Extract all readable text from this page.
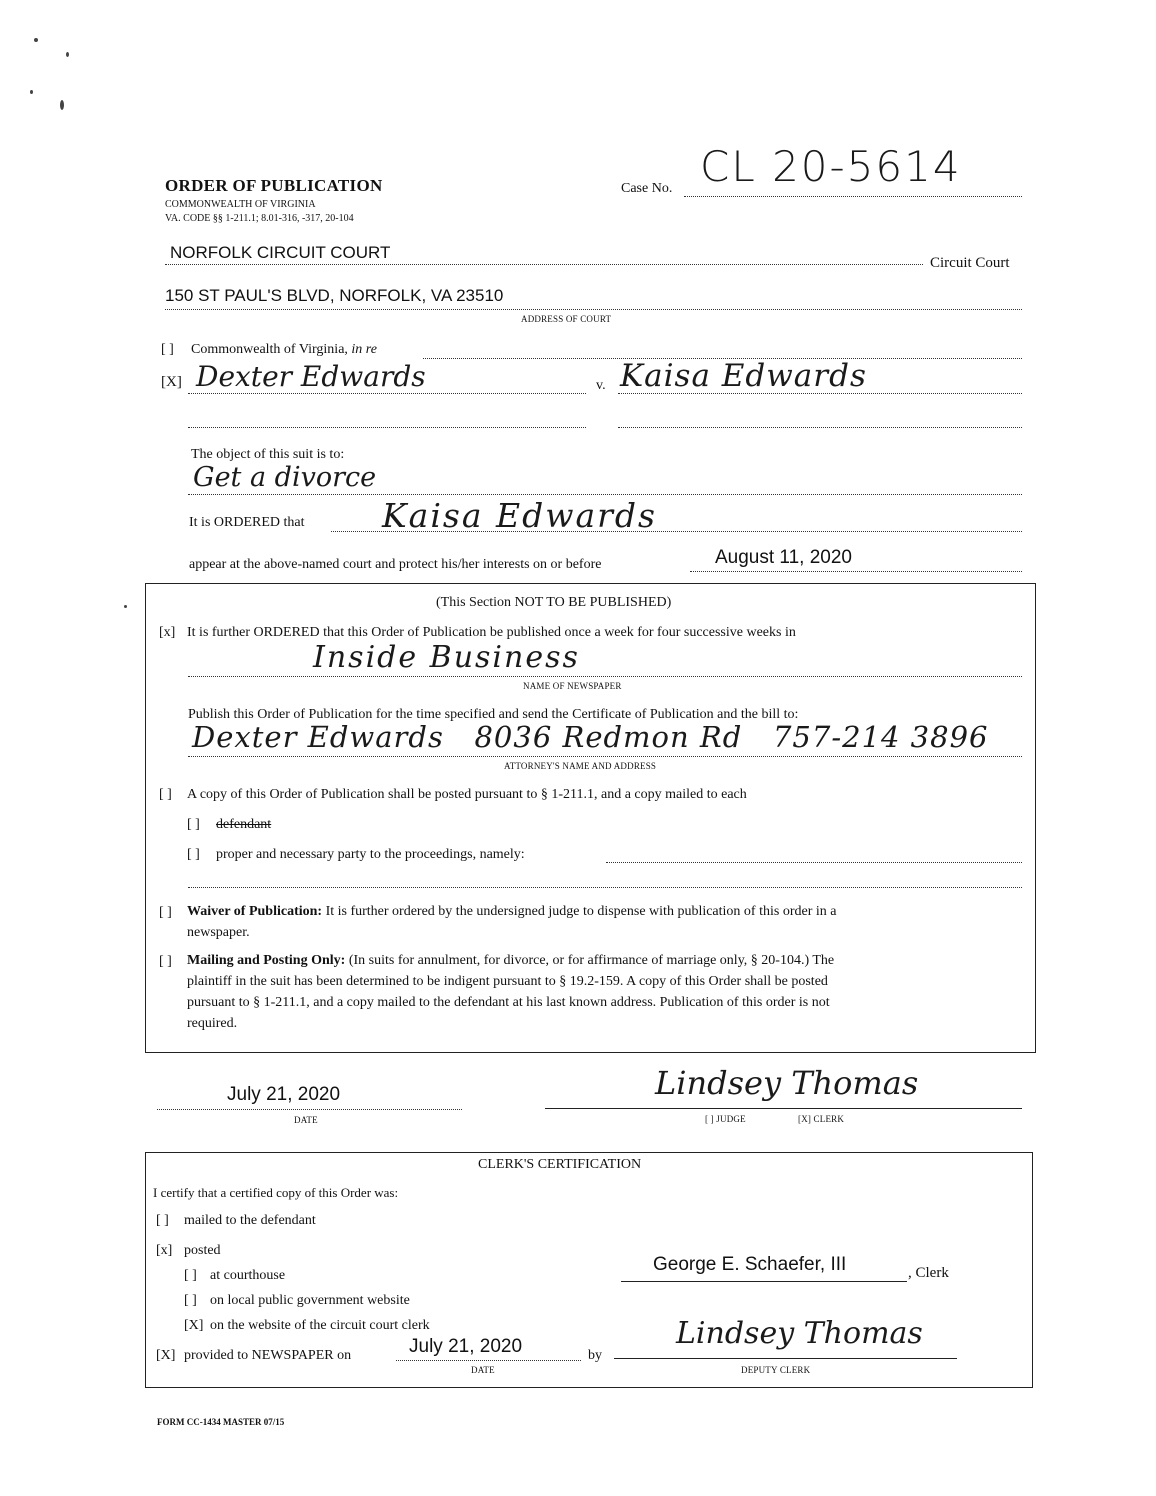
ORDER OF PUBLICATION
COMMONWEALTH OF VIRGINIA
VA. CODE §§ 1-211.1; 8.01-316, -317, 20-104
Case No. CL 20-5614
NORFOLK CIRCUIT COURT
Circuit Court
150 ST PAUL'S BLVD, NORFOLK, VA 23510
ADDRESS OF COURT
[ ] Commonwealth of Virginia, in re
[X] Dexter Edwards	v. Kaisa Edwards
The object of this suit is to:
Get a divorce
It is ORDERED that Kaisa Edwards
appear at the above-named court and protect his/her interests on or before	August 11, 2020
(This Section NOT TO BE PUBLISHED)
[x] It is further ORDERED that this Order of Publication be published once a week for four successive weeks in
Inside Business
NAME OF NEWSPAPER
Publish this Order of Publication for the time specified and send the Certificate of Publication and the bill to:
Dexter Edwards   8036 Redmon Rd   757-214 3896
ATTORNEY'S NAME AND ADDRESS
[ ] A copy of this Order of Publication shall be posted pursuant to § 1-211.1, and a copy mailed to each
[ ] defendant
[ ] proper and necessary party to the proceedings, namely:
[ ] Waiver of Publication: It is further ordered by the undersigned judge to dispense with publication of this order in a
newspaper.
[ ] Mailing and Posting Only: (In suits for annulment, for divorce, or for affirmance of marriage only, § 20-104.) The
plaintiff in the suit has been determined to be indigent pursuant to § 19.2-159. A copy of this Order shall be posted
pursuant to § 1-211.1, and a copy mailed to the defendant at his last known address. Publication of this order is not
required.
July 21, 2020
DATE
Lindsey Thomas
[ ] JUDGE	[X] CLERK
CLERK'S CERTIFICATION
I certify that a certified copy of this Order was:
[ ] mailed to the defendant
[x] posted
[ ] at courthouse
[ ] on local public government website
[X] on the website of the circuit court clerk
[X] provided to NEWSPAPER on	July 21, 2020
DATE
by
George E. Schaefer, III	, Clerk
Lindsey Thomas
DEPUTY CLERK
FORM CC-1434 MASTER 07/15
